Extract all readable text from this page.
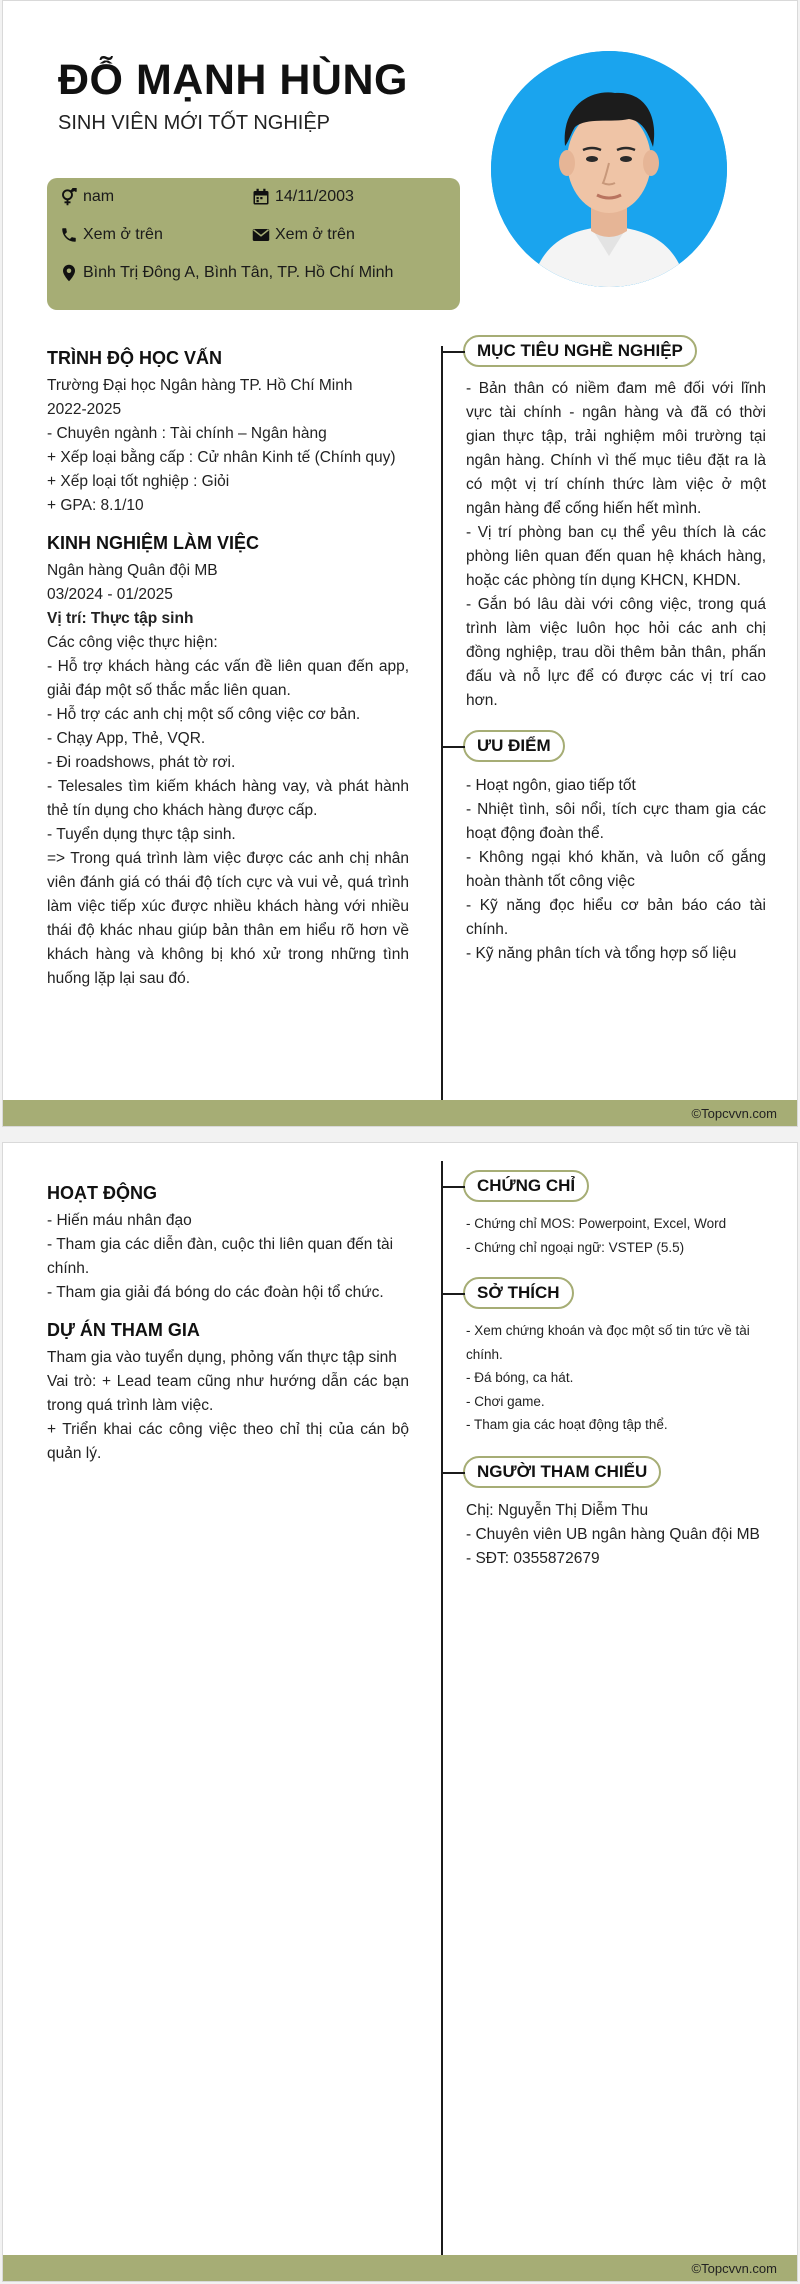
ĐỖ MẠNH HÙNG
SINH VIÊN MỚI TỐT NGHIỆP
nam	14/11/2003
Xem ở trên	Xem ở trên
Bình Trị Đông A, Bình Tân, TP. Hồ Chí Minh
TRÌNH ĐỘ HỌC VẤN

Trường Đại học Ngân hàng TP. Hồ Chí Minh

2022-2025

- Chuyên ngành : Tài chính – Ngân hàng

+ Xếp loại bằng cấp : Cử nhân Kinh tế (Chính quy)

+ Xếp loại tốt nghiệp : Giỏi

+ GPA: 8.1/10

KINH NGHIỆM LÀM VIỆC

Ngân hàng Quân đội MB

03/2024 - 01/2025

Vị trí: Thực tập sinh

Các công việc thực hiện:

- Hỗ trợ khách hàng các vấn đề liên quan đến app, giải đáp một số thắc mắc liên quan.

- Hỗ trợ các anh chị một số công việc cơ bản.

- Chạy App, Thẻ, VQR.

- Đi roadshows, phát tờ rơi.

- Telesales tìm kiếm khách hàng vay, và phát hành thẻ tín dụng cho khách hàng được cấp.

- Tuyển dụng thực tập sinh.

=> Trong quá trình làm việc được các anh chị nhân viên đánh giá có thái độ tích cực và vui vẻ, quá trình làm việc tiếp xúc được nhiều khách hàng với nhiều thái độ khác nhau giúp bản thân em hiểu rõ hơn về khách hàng và không bị khó xử trong những tình huống lặp lại sau đó.

MỤC TIÊU NGHỀ NGHIỆP

- Bản thân có niềm đam mê đối với lĩnh vực tài chính - ngân hàng và đã có thời gian thực tập, trải nghiệm môi trường tại ngân hàng. Chính vì thế mục tiêu đặt ra là có một vị trí chính thức làm việc ở một ngân hàng để cống hiến hết mình.

- Vị trí phòng ban cụ thể yêu thích là các phòng liên quan đến quan hệ khách hàng, hoặc các phòng tín dụng KHCN, KHDN.

- Gắn bó lâu dài với công việc, trong quá trình làm việc luôn học hỏi các anh chị đồng nghiệp, trau dồi thêm bản thân, phấn đấu và nỗ lực để có được các vị trí cao hơn.

ƯU ĐIỂM

- Hoạt ngôn, giao tiếp tốt

- Nhiệt tình, sôi nổi, tích cực tham gia các hoạt động đoàn thể.

- Không ngại khó khăn, và luôn cố gắng hoàn thành tốt công việc

- Kỹ năng đọc hiểu cơ bản báo cáo tài chính.

- Kỹ năng phân tích và tổng hợp số liệu

©Topcvvn.com
HOẠT ĐỘNG

- Hiến máu nhân đạo

- Tham gia các diễn đàn, cuộc thi liên quan đến tài chính.

- Tham gia giải đá bóng do các đoàn hội tổ chức.

DỰ ÁN THAM GIA

Tham gia vào tuyển dụng, phỏng vấn thực tập sinh

Vai trò: + Lead team cũng như hướng dẫn các bạn trong quá trình làm việc.

+ Triển khai các công việc theo chỉ thị của cán bộ quản lý.

CHỨNG CHỈ

- Chứng chỉ MOS: Powerpoint, Excel, Word

- Chứng chỉ ngoại ngữ: VSTEP (5.5)

SỞ THÍCH

- Xem chứng khoán và đọc một số tin tức về tài chính.

- Đá bóng, ca hát.

- Chơi game.

- Tham gia các hoạt động tập thể.

NGƯỜI THAM CHIẾU

Chị: Nguyễn Thị Diễm Thu

- Chuyên viên UB ngân hàng Quân đội MB

- SĐT: 0355872679

©Topcvvn.com
